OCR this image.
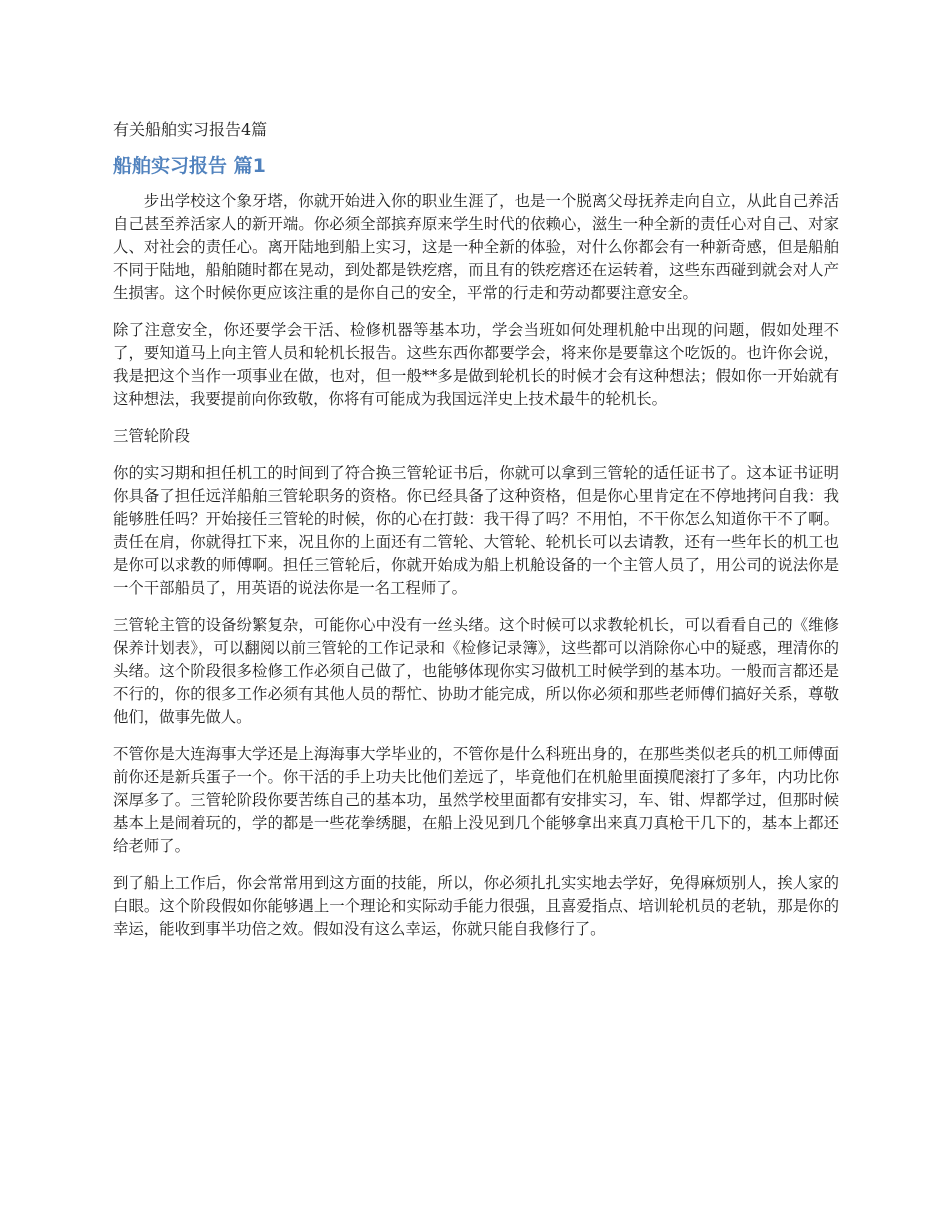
有关船舶实习报告4篇
船舶实习报告 篇1

步出学校这个象牙塔，你就开始进入你的职业生涯了，也是一个脱离父母抚养走向自立，从此自己养活自己甚至养活家人的新开端。你必须全部摈弃原来学生时代的依赖心，滋生一种全新的责任心对自己、对家人、对社会的责任心。离开陆地到船上实习，这是一种全新的体验，对什么你都会有一种新奇感，但是船舶不同于陆地，船舶随时都在晃动，到处都是铁疙瘩，而且有的铁疙瘩还在运转着，这些东西碰到就会对人产生损害。这个时候你更应该注重的是你自己的安全，平常的行走和劳动都要注意安全。

除了注意安全，你还要学会干活、检修机器等基本功，学会当班如何处理机舱中出现的问题，假如处理不了，要知道马上向主管人员和轮机长报告。这些东西你都要学会，将来你是要靠这个吃饭的。也许你会说，我是把这个当作一项事业在做，也对，但一般**多是做到轮机长的时候才会有这种想法；假如你一开始就有这种想法，我要提前向你致敬，你将有可能成为我国远洋史上技术最牛的轮机长。

三管轮阶段

你的实习期和担任机工的时间到了符合换三管轮证书后，你就可以拿到三管轮的适任证书了。这本证书证明你具备了担任远洋船舶三管轮职务的资格。你已经具备了这种资格，但是你心里肯定在不停地拷问自我：我能够胜任吗？开始接任三管轮的时候，你的心在打鼓：我干得了吗？不用怕，不干你怎么知道你干不了啊。责任在肩，你就得扛下来，况且你的上面还有二管轮、大管轮、轮机长可以去请教，还有一些年长的机工也是你可以求教的师傅啊。担任三管轮后，你就开始成为船上机舱设备的一个主管人员了，用公司的说法你是一个干部船员了，用英语的说法你是一名工程师了。

三管轮主管的设备纷繁复杂，可能你心中没有一丝头绪。这个时候可以求教轮机长，可以看看自己的《维修保养计划表》，可以翻阅以前三管轮的工作记录和《检修记录簿》，这些都可以消除你心中的疑惑，理清你的头绪。这个阶段很多检修工作必须自己做了，也能够体现你实习做机工时候学到的基本功。一般而言都还是不行的，你的很多工作必须有其他人员的帮忙、协助才能完成，所以你必须和那些老师傅们搞好关系，尊敬他们，做事先做人。

不管你是大连海事大学还是上海海事大学毕业的，不管你是什么科班出身的，在那些类似老兵的机工师傅面前你还是新兵蛋子一个。你干活的手上功夫比他们差远了，毕竟他们在机舱里面摸爬滚打了多年，内功比你深厚多了。三管轮阶段你要苦练自己的基本功，虽然学校里面都有安排实习，车、钳、焊都学过，但那时候基本上是闹着玩的，学的都是一些花拳绣腿，在船上没见到几个能够拿出来真刀真枪干几下的，基本上都还给老师了。

到了船上工作后，你会常常用到这方面的技能，所以，你必须扎扎实实地去学好，免得麻烦别人，挨人家的白眼。这个阶段假如你能够遇上一个理论和实际动手能力很强，且喜爱指点、培训轮机员的老轨，那是你的幸运，能收到事半功倍之效。假如没有这么幸运，你就只能自我修行了。
